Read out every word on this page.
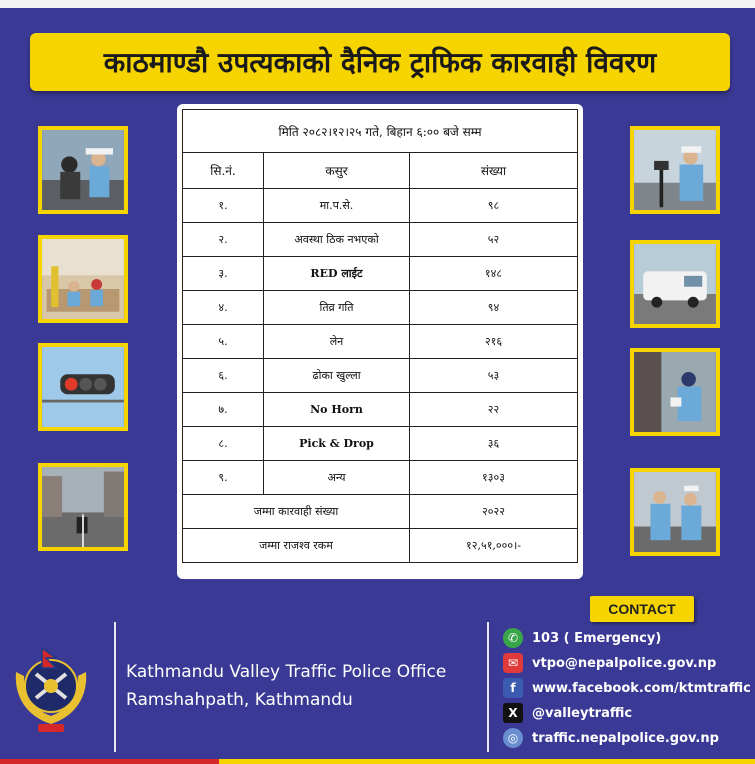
काठमाण्डौ उपत्यकाको दैनिक ट्राफिक कारवाही विवरण
मिति २०८२।१२।२५ गते, बिहान ६:०० बजे सम्म		
सि.नं.	कसुर	संख्या
१.	मा.प.से.	९८
२.	अवस्था ठिक नभएको	५२
३.	RED लाईट	१४८
४.	तिव्र गति	९४
५.	लेन	२१६
६.	ढोका खुल्ला	५३
७.	No Horn	२२
८.	Pick & Drop	३६
९.	अन्य	१३०३
जम्मा कारवाही संख्या		२०२२
जम्मा राजश्व रकम		१२,५१,०००।-
CONTACT
Kathmandu Valley Traffic Police Office
Ramshahpath, Kathmandu
✆	103 ( Emergency)
✉	vtpo@nepalpolice.gov.np
f	www.facebook.com/ktmtraffic
X	@valleytraffic
◎	traffic.nepalpolice.gov.np
